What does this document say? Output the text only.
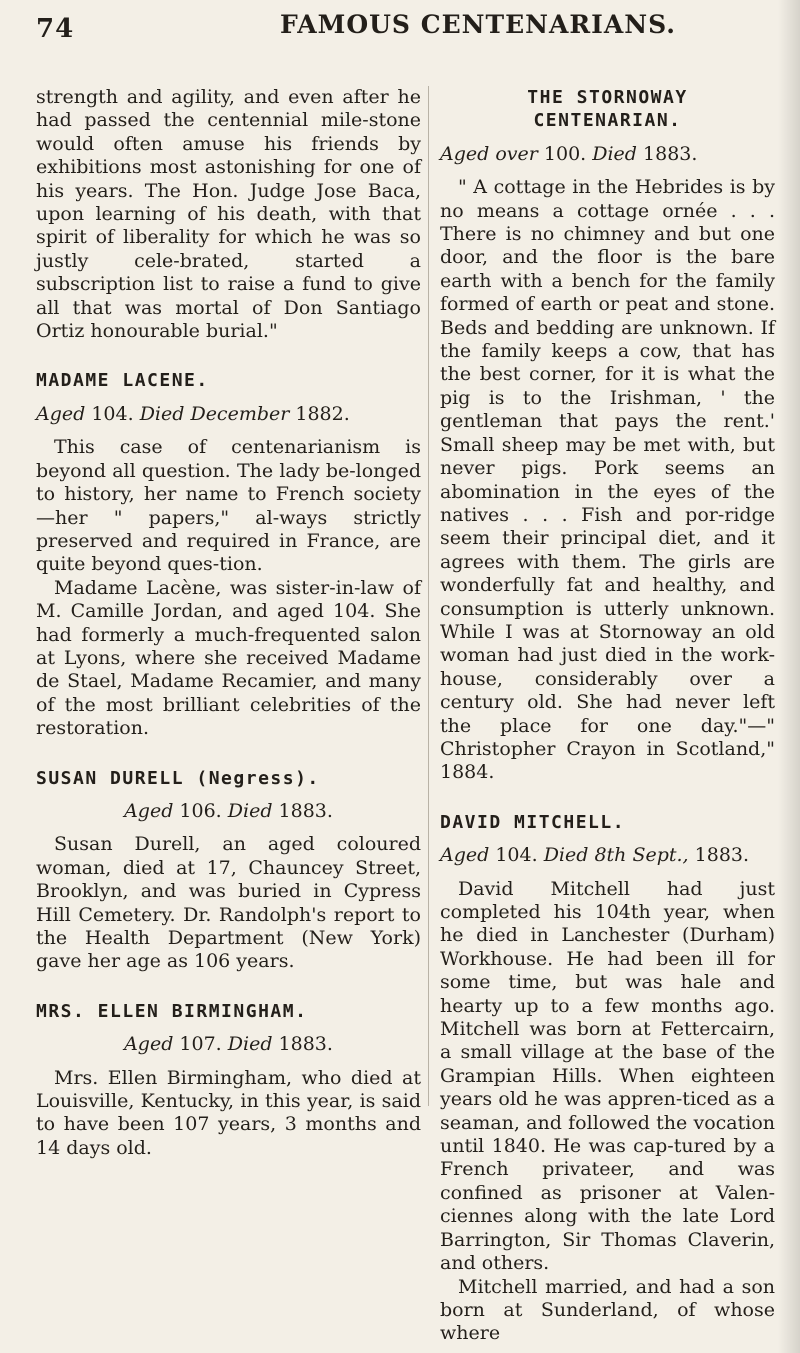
74	FAMOUS CENTENARIANS.

strength and agility, and even after he had passed the centennial mile-stone would often amuse his friends by exhibitions most astonishing for one of his years. The Hon. Judge Jose Baca, upon learning of his death, with that spirit of liberality for which he was so justly cele-brated, started a subscription list to raise a fund to give all that was mortal of Don Santiago Ortiz honourable burial."

MADAME LACENE.
Aged 104. Died December 1882.

This case of centenarianism is beyond all question. The lady be-longed to history, her name to French society—her " papers," al-ways strictly preserved and required in France, are quite beyond ques-tion.

Madame Lacène, was sister-in-law of M. Camille Jordan, and aged 104. She had formerly a much-frequented salon at Lyons, where she received Madame de Stael, Madame Recamier, and many of the most brilliant celebrities of the restoration.

SUSAN DURELL (Negress).
Aged 106. Died 1883.

Susan Durell, an aged coloured woman, died at 17, Chauncey Street, Brooklyn, and was buried in Cypress Hill Cemetery. Dr. Randolph's report to the Health Department (New York) gave her age as 106 years.

MRS. ELLEN BIRMINGHAM.
Aged 107. Died 1883.

Mrs. Ellen Birmingham, who died at Louisville, Kentucky, in this year, is said to have been 107 years, 3 months and 14 days old.

THE STORNOWAY
CENTENARIAN.
Aged over 100. Died 1883.

" A cottage in the Hebrides is by no means a cottage ornée . . . There is no chimney and but one door, and the floor is the bare earth with a bench for the family formed of earth or peat and stone. Beds and bedding are unknown. If the family keeps a cow, that has the best corner, for it is what the pig is to the Irishman, ' the gentleman that pays the rent.' Small sheep may be met with, but never pigs. Pork seems an abomination in the eyes of the natives . . . Fish and por-ridge seem their principal diet, and it agrees with them. The girls are wonderfully fat and healthy, and consumption is utterly unknown. While I was at Stornoway an old woman had just died in the work-house, considerably over a century old. She had never left the place for one day."—" Christopher Crayon in Scotland," 1884.

DAVID MITCHELL.
Aged 104. Died 8th Sept., 1883.

David Mitchell had just completed his 104th year, when he died in Lanchester (Durham) Workhouse. He had been ill for some time, but was hale and hearty up to a few months ago. Mitchell was born at Fettercairn, a small village at the base of the Grampian Hills. When eighteen years old he was appren-ticed as a seaman, and followed the vocation until 1840. He was cap-tured by a French privateer, and was confined as prisoner at Valen-ciennes along with the late Lord Barrington, Sir Thomas Claverin, and others.

Mitchell married, and had a son born at Sunderland, of whose where
